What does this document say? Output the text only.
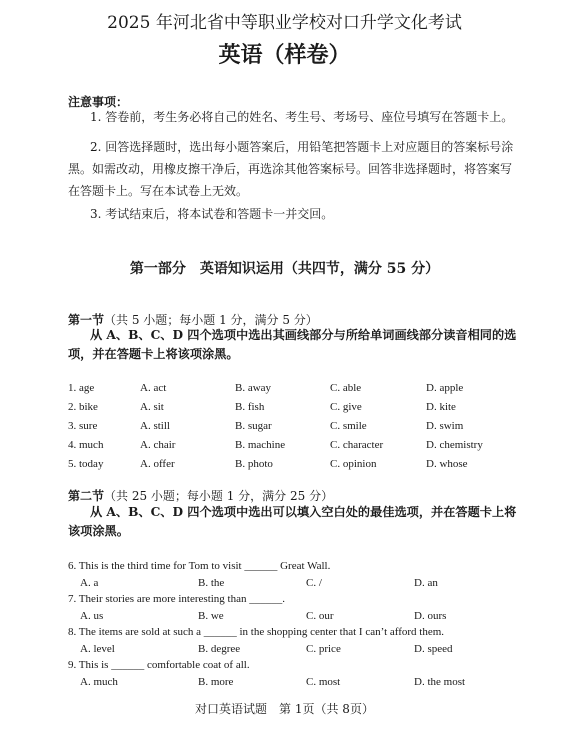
2025 年河北省中等职业学校对口升学文化考试
英语（样卷）
注意事项：
1. 答卷前，考生务必将自己的姓名、考生号、考场号、座位号填写在答题卡上。
2. 回答选择题时，选出每小题答案后，用铅笔把答题卡上对应题目的答案标号涂黑。如需改动，用橡皮擦干净后，再选涂其他答案标号。回答非选择题时，将答案写在答题卡上。写在本试卷上无效。
3. 考试结束后，将本试卷和答题卡一并交回。
第一部分　英语知识运用（共四节，满分 55 分）
第一节（共 5 小题；每小题 1 分，满分 5 分）
从 A、B、C、D 四个选项中选出其画线部分与所给单词画线部分读音相同的选项，并在答题卡上将该项涂黑。
1. age	A. act	B. away	C. able	D. apple
2. bike	A. sit	B. fish	C. give	D. kite
3. sure	A. still	B. sugar	C. smile	D. swim
4. much	A. chair	B. machine	C. character	D. chemistry
5. today	A. offer	B. photo	C. opinion	D. whose
第二节（共 25 小题；每小题 1 分，满分 25 分）
从 A、B、C、D 四个选项中选出可以填入空白处的最佳选项，并在答题卡上将该项涂黑。
6. This is the third time for Tom to visit ______ Great Wall.
A. a	B. the	C. /	D. an
7. Their stories are more interesting than ______.
A. us	B. we	C. our	D. ours
8. The items are sold at such a ______ in the shopping center that I can’t afford them.
A. level	B. degree	C. price	D. speed
9. This is ______ comfortable coat of all.
A. much	B. more	C. most	D. the most
对口英语试题　第 1页（共 8页）
